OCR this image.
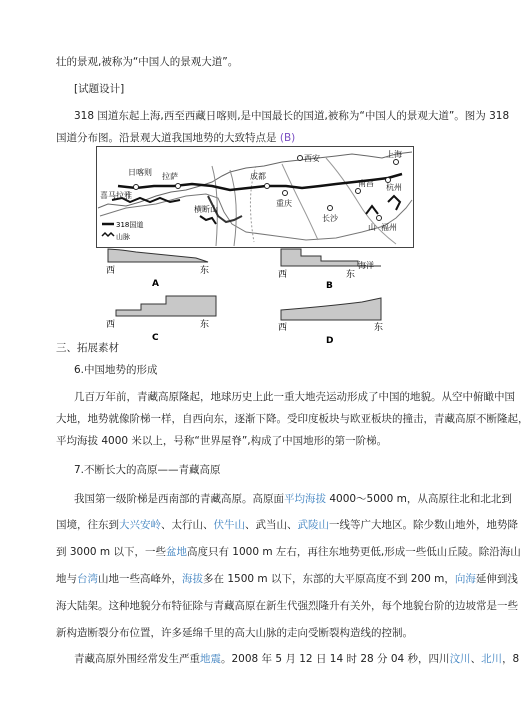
壮的景观,被称为“中国人的景观大道”。
[试题设计]
318 国道东起上海,西至西藏日喀则,是中国最长的国道,被称为“中国人的景观大道”。图为 318
国道分布图。沿景观大道我国地势的大致特点是 (B)
日喀则 拉萨	成都
重庆
西安	上海
杭州
南昌
长沙
福州
喜马拉雅
横断山
山
318国道
山脉
西	东
A
海洋
西	东
B
西	东
C
西	东
D
三、拓展素材
6.中国地势的形成
几百万年前，青藏高原隆起，地球历史上此一重大地壳运动形成了中国的地貌。从空中俯瞰中国
大地，地势就像阶梯一样，自西向东，逐渐下降。受印度板块与欧亚板块的撞击，青藏高原不断隆起，
平均海拔 4000 米以上，号称“世界屋脊”,构成了中国地形的第一阶梯。
7.不断长大的高原——青藏高原
我国第一级阶梯是西南部的青藏高原。高原面平均海拔 4000～5000 m，从高原往北和北北到
国境，往东到大兴安岭、太行山、伏牛山、武当山、武陵山一线等广大地区。除少数山地外，地势降
到 3000 m 以下，一些盆地高度只有 1000 m 左右，再往东地势更低,形成一些低山丘陵。除沿海山
地与台湾山地一些高峰外，海拔多在 1500 m 以下，东部的大平原高度不到 200 m，向海延伸到浅
海大陆架。这种地貌分布特征除与青藏高原在新生代强烈隆升有关外，每个地貌台阶的边坡常是一些
新构造断裂分布位置，许多延绵千里的高大山脉的走向受断裂构造线的控制。
青藏高原外围经常发生严重地震。2008 年 5 月 12 日 14 时 28 分 04 秒，四川汶川、北川，8
